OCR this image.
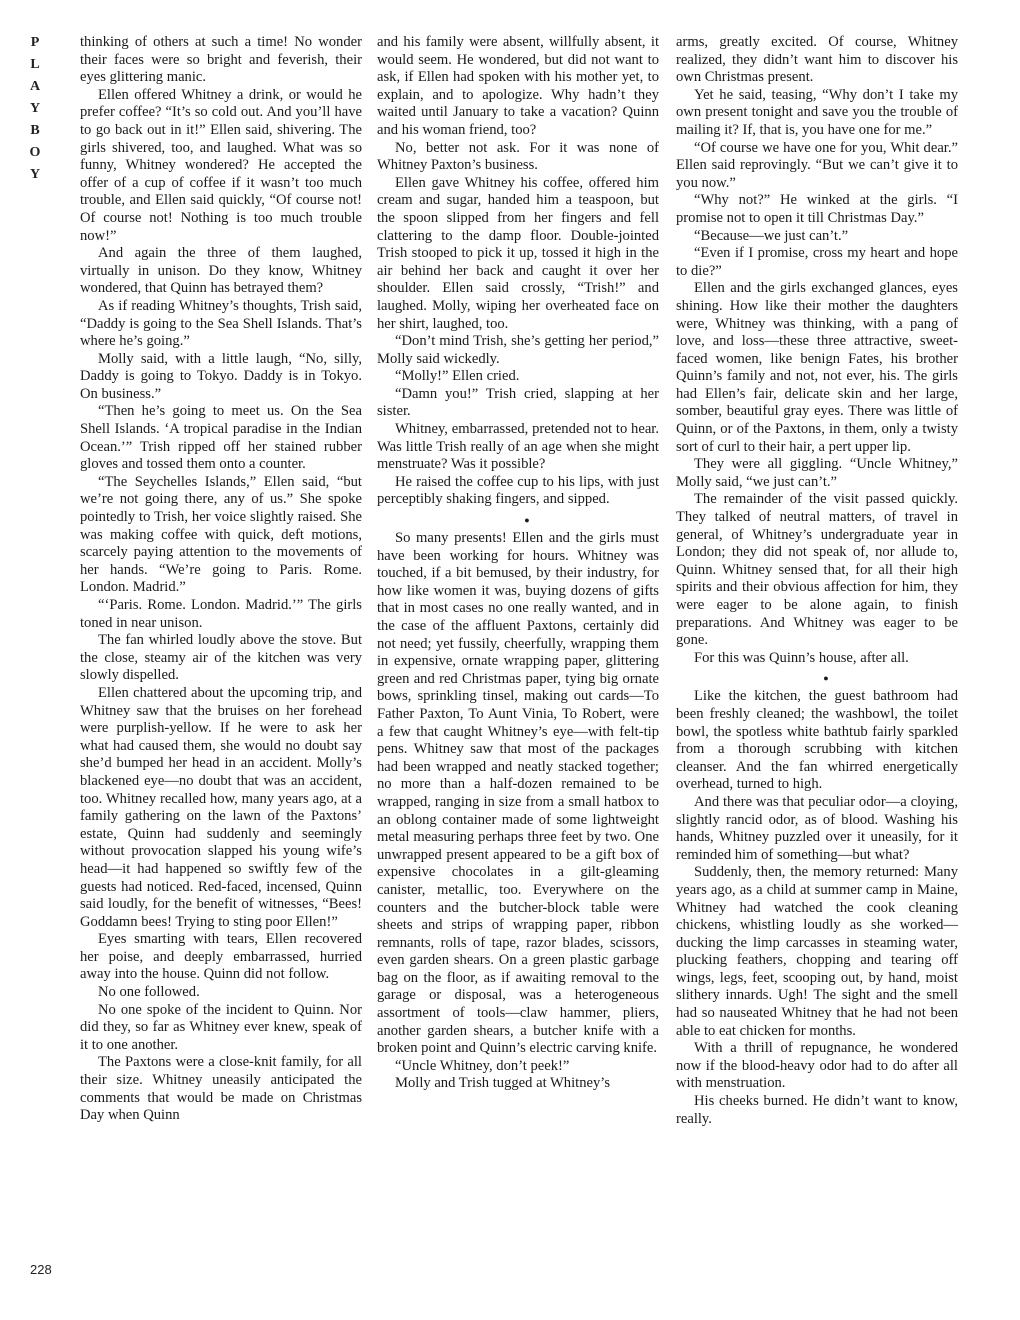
P
L
A
Y
B
O
Y

thinking of others at such a time! No wonder their faces were so bright and feverish, their eyes glittering manic.

Ellen offered Whitney a drink, or would he prefer coffee? “It’s so cold out. And you’ll have to go back out in it!” Ellen said, shivering. The girls shivered, too, and laughed. What was so funny, Whitney wondered? He accepted the offer of a cup of coffee if it wasn’t too much trouble, and Ellen said quickly, “Of course not! Of course not! Nothing is too much trouble now!”

And again the three of them laughed, virtually in unison. Do they know, Whitney wondered, that Quinn has betrayed them?

As if reading Whitney’s thoughts, Trish said, “Daddy is going to the Sea Shell Islands. That’s where he’s going.”

Molly said, with a little laugh, “No, silly, Daddy is going to Tokyo. Daddy is in Tokyo. On business.”

“Then he’s going to meet us. On the Sea Shell Islands. ‘A tropical paradise in the Indian Ocean.’” Trish ripped off her stained rubber gloves and tossed them onto a counter.

“The Seychelles Islands,” Ellen said, “but we’re not going there, any of us.” She spoke pointedly to Trish, her voice slightly raised. She was making coffee with quick, deft motions, scarcely paying attention to the movements of her hands. “We’re going to Paris. Rome. London. Madrid.”

“‘Paris. Rome. London. Madrid.’” The girls toned in near unison.

The fan whirled loudly above the stove. But the close, steamy air of the kitchen was very slowly dispelled.

Ellen chattered about the upcoming trip, and Whitney saw that the bruises on her forehead were purplish-yellow. If he were to ask her what had caused them, she would no doubt say she’d bumped her head in an accident. Molly’s blackened eye—no doubt that was an accident, too. Whitney recalled how, many years ago, at a family gathering on the lawn of the Paxtons’ estate, Quinn had suddenly and seemingly without provocation slapped his young wife’s head—it had happened so swiftly few of the guests had noticed. Red-faced, incensed, Quinn said loudly, for the benefit of witnesses, “Bees! Goddamn bees! Trying to sting poor Ellen!”

Eyes smarting with tears, Ellen recovered her poise, and deeply embarrassed, hurried away into the house. Quinn did not follow.

No one followed.

No one spoke of the incident to Quinn. Nor did they, so far as Whitney ever knew, speak of it to one another.

The Paxtons were a close-knit family, for all their size. Whitney uneasily anticipated the comments that would be made on Christmas Day when Quinn

and his family were absent, willfully absent, it would seem. He wondered, but did not want to ask, if Ellen had spoken with his mother yet, to explain, and to apologize. Why hadn’t they waited until January to take a vacation? Quinn and his woman friend, too?

No, better not ask. For it was none of Whitney Paxton’s business.

Ellen gave Whitney his coffee, offered him cream and sugar, handed him a teaspoon, but the spoon slipped from her fingers and fell clattering to the damp floor. Double-jointed Trish stooped to pick it up, tossed it high in the air behind her back and caught it over her shoulder. Ellen said crossly, “Trish!” and laughed. Molly, wiping her overheated face on her shirt, laughed, too.

“Don’t mind Trish, she’s getting her period,” Molly said wickedly.

“Molly!” Ellen cried.

“Damn you!” Trish cried, slapping at her sister.

Whitney, embarrassed, pretended not to hear. Was little Trish really of an age when she might menstruate? Was it possible?

He raised the coffee cup to his lips, with just perceptibly shaking fingers, and sipped.

●

So many presents! Ellen and the girls must have been working for hours. Whitney was touched, if a bit bemused, by their industry, for how like women it was, buying dozens of gifts that in most cases no one really wanted, and in the case of the affluent Paxtons, certainly did not need; yet fussily, cheerfully, wrapping them in expensive, ornate wrapping paper, glittering green and red Christmas paper, tying big ornate bows, sprinkling tinsel, making out cards—To Father Paxton, To Aunt Vinia, To Robert, were a few that caught Whitney’s eye—with felt-tip pens. Whitney saw that most of the packages had been wrapped and neatly stacked together; no more than a half-dozen remained to be wrapped, ranging in size from a small hatbox to an oblong container made of some lightweight metal measuring perhaps three feet by two. One unwrapped present appeared to be a gift box of expensive chocolates in a gilt-gleaming canister, metallic, too. Everywhere on the counters and the butcher-block table were sheets and strips of wrapping paper, ribbon remnants, rolls of tape, razor blades, scissors, even garden shears. On a green plastic garbage bag on the floor, as if awaiting removal to the garage or disposal, was a heterogeneous assortment of tools—claw hammer, pliers, another garden shears, a butcher knife with a broken point and Quinn’s electric carving knife.

“Uncle Whitney, don’t peek!”

Molly and Trish tugged at Whitney’s

arms, greatly excited. Of course, Whitney realized, they didn’t want him to discover his own Christmas present.

Yet he said, teasing, “Why don’t I take my own present tonight and save you the trouble of mailing it? If, that is, you have one for me.”

“Of course we have one for you, Whit dear.” Ellen said reprovingly. “But we can’t give it to you now.”

“Why not?” He winked at the girls. “I promise not to open it till Christmas Day.”

“Because—we just can’t.”

“Even if I promise, cross my heart and hope to die?”

Ellen and the girls exchanged glances, eyes shining. How like their mother the daughters were, Whitney was thinking, with a pang of love, and loss—these three attractive, sweet-faced women, like benign Fates, his brother Quinn’s family and not, not ever, his. The girls had Ellen’s fair, delicate skin and her large, somber, beautiful gray eyes. There was little of Quinn, or of the Paxtons, in them, only a twisty sort of curl to their hair, a pert upper lip.

They were all giggling. “Uncle Whitney,” Molly said, “we just can’t.”

The remainder of the visit passed quickly. They talked of neutral matters, of travel in general, of Whitney’s undergraduate year in London; they did not speak of, nor allude to, Quinn. Whitney sensed that, for all their high spirits and their obvious affection for him, they were eager to be alone again, to finish preparations. And Whitney was eager to be gone.

For this was Quinn’s house, after all.

●

Like the kitchen, the guest bathroom had been freshly cleaned; the washbowl, the toilet bowl, the spotless white bathtub fairly sparkled from a thorough scrubbing with kitchen cleanser. And the fan whirred energetically overhead, turned to high.

And there was that peculiar odor—a cloying, slightly rancid odor, as of blood. Washing his hands, Whitney puzzled over it uneasily, for it reminded him of something—but what?

Suddenly, then, the memory returned: Many years ago, as a child at summer camp in Maine, Whitney had watched the cook cleaning chickens, whistling loudly as she worked—ducking the limp carcasses in steaming water, plucking feathers, chopping and tearing off wings, legs, feet, scooping out, by hand, moist slithery innards. Ugh! The sight and the smell had so nauseated Whitney that he had not been able to eat chicken for months.

With a thrill of repugnance, he wondered now if the blood-heavy odor had to do after all with menstruation.

His cheeks burned. He didn’t want to know, really.

228
